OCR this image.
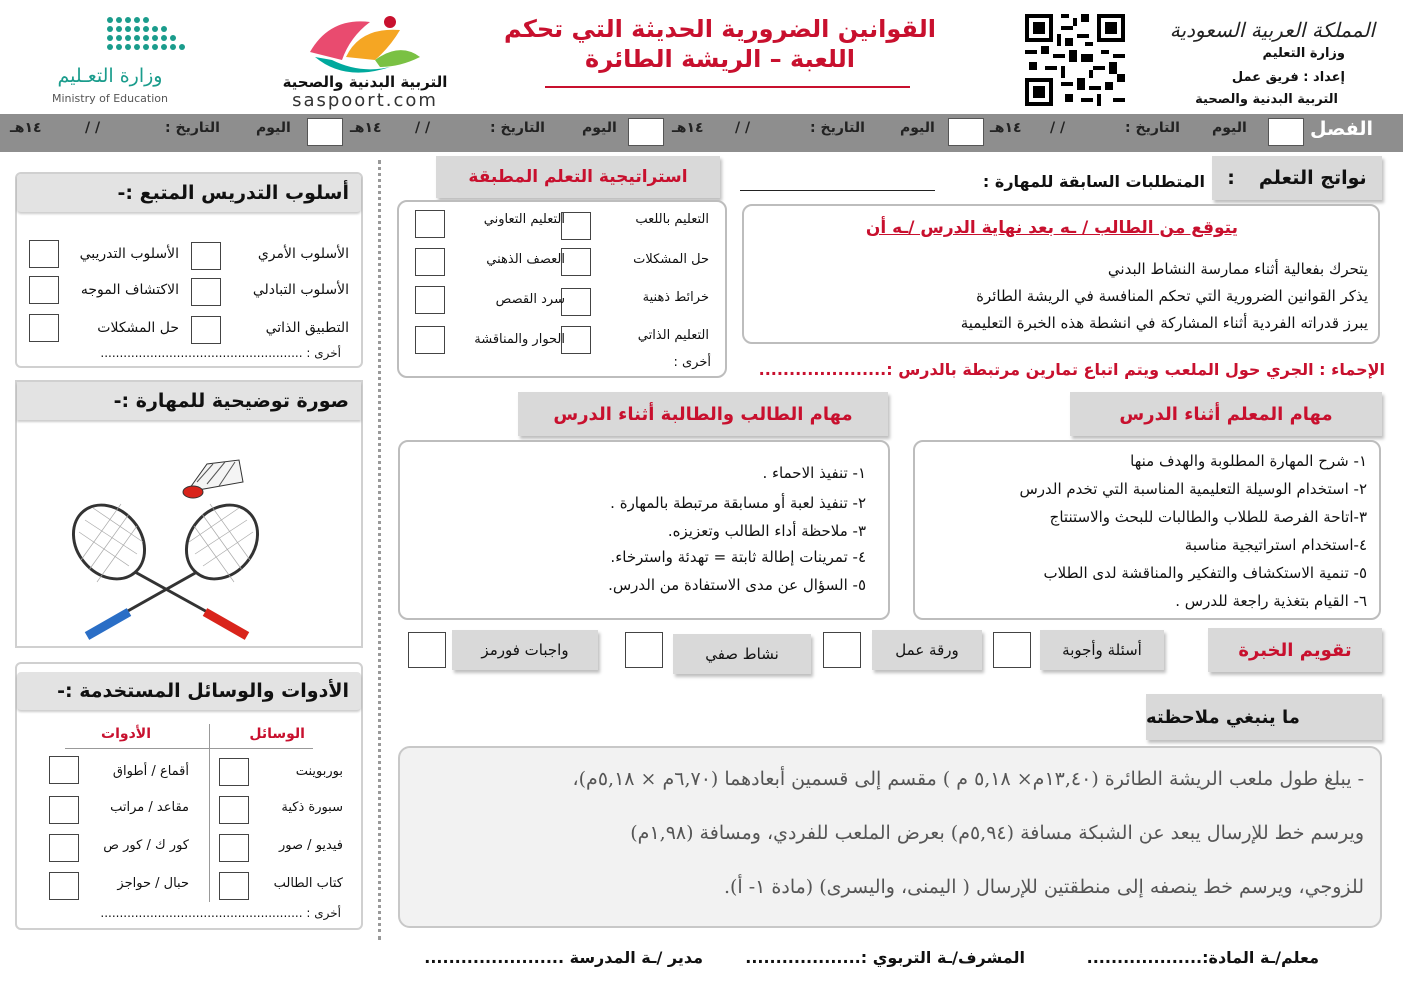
المملكة العربية السعودية
وزارة التعليم
إعداد : فريق عمل
التربية البدنية والصحية
القوانين الضرورية الحديثة التي تحكم
اللعبة – الريشة الطائرة
التربية البدنية والصحية
saspoort.com
وزارة التعـليم
Ministry of Education
الفصل
اليوم
التاريخ :
/ /
١٤هـ
اليوم
التاريخ :
/ /
١٤هـ
اليوم
التاريخ :
/ /
١٤هـ
اليوم
التاريخ :
/ /
١٤هـ
نواتج التعلم
:
المتطلبات السابقة للمهارة :
يتوقع من الطالب / ـه بعد نهاية الدرس /ـه أن
يتحرك بفعالية أثناء ممارسة النشاط البدني
يذكر القوانين الضرورية التي تحكم المنافسة في الريشة الطائرة
يبرز قدراته الفردية أثناء المشاركة في انشطة هذه الخبرة التعليمية
استراتيجية التعلم المطبقة
التعليم باللعب
حل المشكلات
خرائط ذهنية
التعليم الذاتي
أخرى :
التعليم التعاوني
العصف الذهني
سرد القصص
الحوار والمناقشة
الإحماء : الجري حول الملعب ويتم اتباع تمارين مرتبطة بالدرس :.....................
مهام المعلم أثناء الدرس
١- شرح المهارة المطلوبة والهدف منها
٢- استخدام الوسيلة التعليمية المناسبة التي تخدم الدرس
٣-اتاحة الفرصة للطلاب والطالبات للبحث والاستنتاج
٤-استخدام استراتيجية مناسبة
٥- تنمية الاستكشاف والتفكير والمناقشة لدى الطلاب
٦- القيام بتغذية راجعة للدرس .
مهام الطالب والطالبة أثناء الدرس
١- تنفيذ الاحماء .
٢- تنفيذ لعبة أو مسابقة مرتبطة بالمهارة .
٣- ملاحظة أداء الطالب وتعزيزه.
٤- تمرينات إطالة ثابتة = تهدئة واسترخاء.
٥- السؤال عن مدى الاستفادة من الدرس.
تقويم الخبرة
أسئلة وأجوبة
ورقة عمل
نشاط صفي
واجبات فورمز
ما ينبغي ملاحظته
- يبلغ طول ملعب الريشة الطائرة (١٣,٤٠م× ٥,١٨ م ) مقسم إلى قسمين أبعادهما (٦,٧٠م × ٥,١٨م)،
ويرسم خط للإرسال يبعد عن الشبكة مسافة (٥,٩٤م) بعرض الملعب للفردي، ومسافة (١,٩٨م)
للزوجي، ويرسم خط ينصفه إلى منطقتين للإرسال ( اليمنى، واليسرى) (مادة ١- أ).
أسلوب التدريس المتبع :-
الأسلوب الأمري
الأسلوب التبادلي
التطبيق الذاتي
الأسلوب التدريبي
الاكتشاف الموجه
حل المشكلات
أخرى : .....................................................
صورة توضيحية للمهارة :-
الأدوات والوسائل المستخدمة :-
الوسائل
الأدوات
بوربوينت
سبورة ذكية
فيديو / صور
كتاب الطالب
أقماع / أطواق
مقاعد / مراتب
كور ك / كور ص
حبال / حواجز
أخرى : .....................................................
معلم/ـة المادة:...................
المشرف/ـة التربوي :...................
مدير /ـة المدرسة .......................
